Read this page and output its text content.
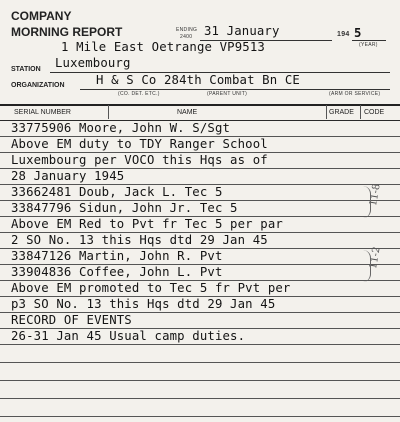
COMPANY
MORNING REPORT	ENDING
2400 31 January	194 5
(YEAR)
1 Mile East Oetrange VP9513
STATION Luxembourg
ORGANIZATION	H & S Co 284th Combat Bn CE
(CO. DET. ETC.)	(PARENT UNIT)	(ARM OR SERVICE)
SERIAL NUMBER	NAME	GRADE CODE
33775906 Moore, John W. S/Sgt
Above EM duty to TDY Ranger School
Luxembourg per VOCO this Hqs as of
28 January 1945
33662481 Doub, Jack L. Tec 5
33847796 Sidun, John Jr. Tec 5
Above EM Red to Pvt fr Tec 5 per par
2 SO No. 13 this Hqs dtd 29 Jan 45
33847126 Martin, John R. Pvt
33904836 Coffee, John L. Pvt
Above EM promoted to Tec 5 fr Pvt per
p3 SO No. 13 this Hqs dtd 29 Jan 45
RECORD OF EVENTS
26-31 Jan 45 Usual camp duties.
11-8
11-2
